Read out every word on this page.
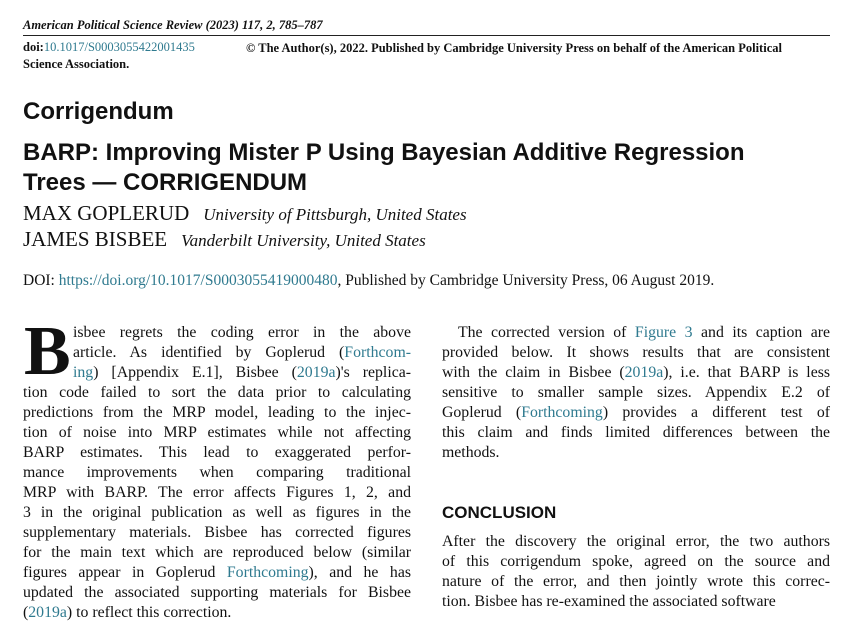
American Political Science Review (2023) 117, 2, 785–787
doi:10.1017/S0003055422001435	© The Author(s), 2022. Published by Cambridge University Press on behalf of the American Political
Science Association.
Corrigendum
BARP: Improving Mister P Using Bayesian Additive Regression
Trees — CORRIGENDUM
MAX GOPLERUD University of Pittsburgh, United States
JAMES BISBEE Vanderbilt University, United States
DOI: https://doi.org/10.1017/S0003055419000480, Published by Cambridge University Press, 06 August 2019.
B isbee regrets the coding error in the above
article. As identified by Goplerud (Forthcom-
ing) [Appendix E.1], Bisbee (2019a)'s replica-
tion code failed to sort the data prior to calculating
predictions from the MRP model, leading to the injec-
tion of noise into MRP estimates while not affecting
BARP estimates. This lead to exaggerated perfor-
mance improvements when comparing traditional
MRP with BARP. The error affects Figures 1, 2, and
3 in the original publication as well as figures in the
supplementary materials. Bisbee has corrected figures
for the main text which are reproduced below (similar
figures appear in Goplerud Forthcoming), and he has
updated the associated supporting materials for Bisbee
(2019a) to reflect this correction.
The corrected version of Figure 3 and its caption are
provided below. It shows results that are consistent
with the claim in Bisbee (2019a), i.e. that BARP is less
sensitive to smaller sample sizes. Appendix E.2 of
Goplerud (Forthcoming) provides a different test of
this claim and finds limited differences between the
methods.
CONCLUSION
After the discovery the original error, the two authors
of this corrigendum spoke, agreed on the source and
nature of the error, and then jointly wrote this correc-
tion. Bisbee has re-examined the associated software
